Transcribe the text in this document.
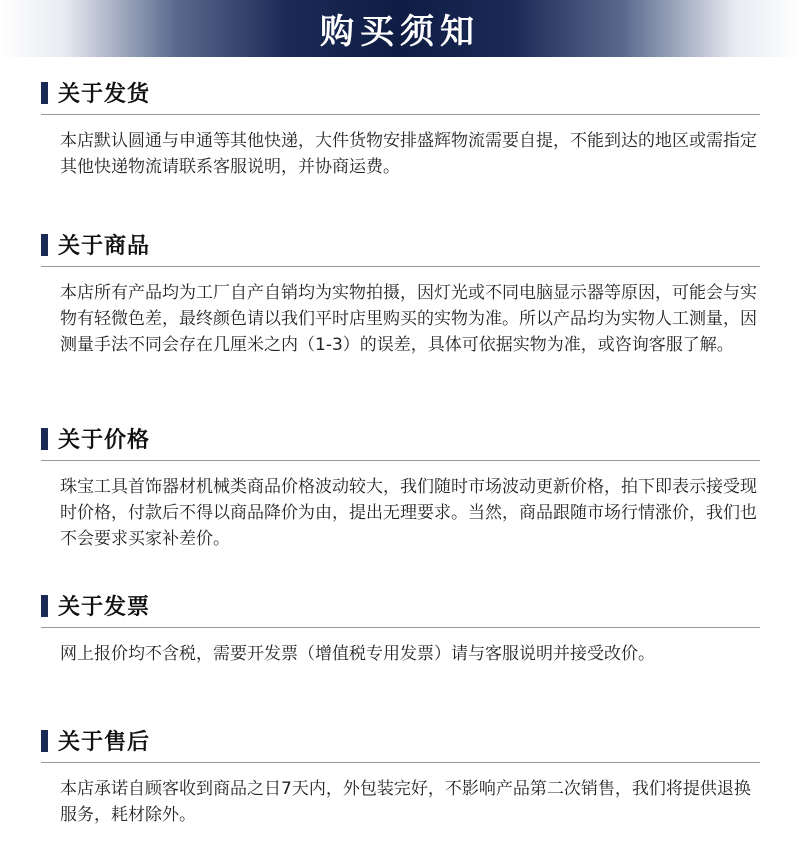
购买须知
关于发货
本店默认圆通与申通等其他快递，大件货物安排盛辉物流需要自提，不能到达的地区或需指定其他快递物流请联系客服说明，并协商运费。
关于商品
本店所有产品均为工厂自产自销均为实物拍摄，因灯光或不同电脑显示器等原因，可能会与实物有轻微色差，最终颜色请以我们平时店里购买的实物为准。所以产品均为实物人工测量，因测量手法不同会存在几厘米之内（1-3）的误差，具体可依据实物为准，或咨询客服了解。
关于价格
珠宝工具首饰器材机械类商品价格波动较大，我们随时市场波动更新价格，拍下即表示接受现时价格，付款后不得以商品降价为由，提出无理要求。当然，商品跟随市场行情涨价，我们也不会要求买家补差价。
关于发票
网上报价均不含税，需要开发票（增值税专用发票）请与客服说明并接受改价。
关于售后
本店承诺自顾客收到商品之日7天内，外包装完好，不影响产品第二次销售，我们将提供退换服务，耗材除外。
